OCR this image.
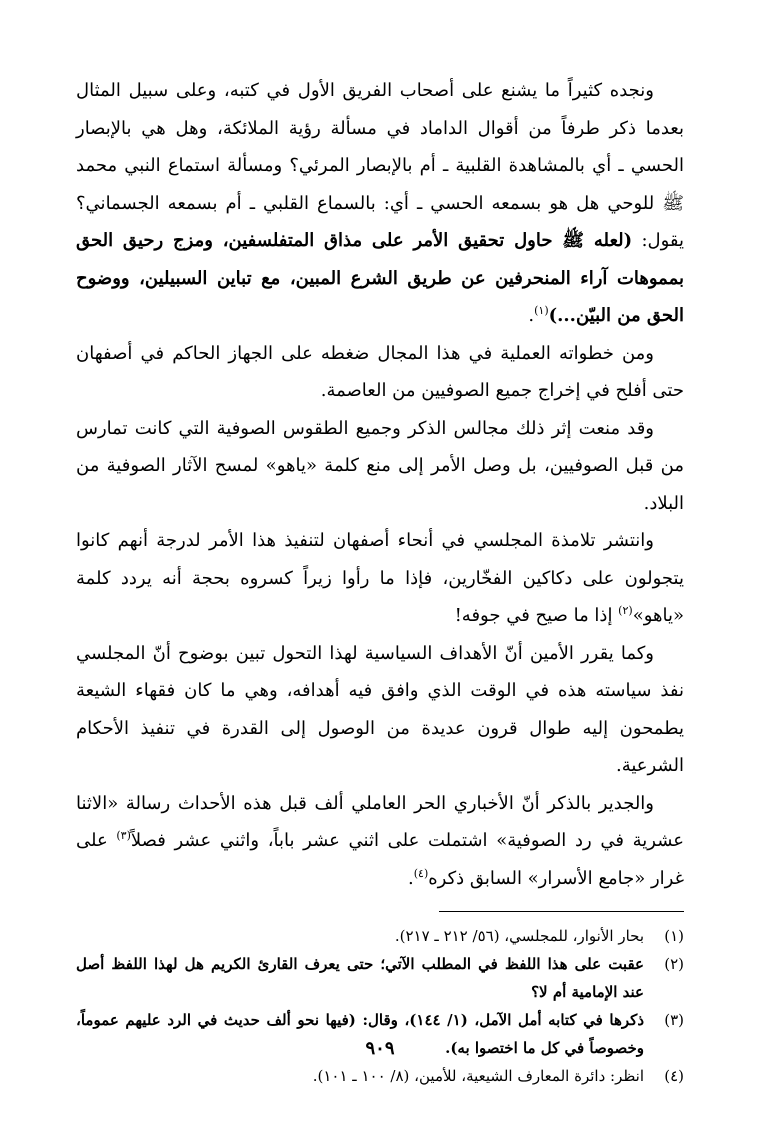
ونجده كثيراً ما يشنع على أصحاب الفريق الأول في كتبه، وعلى سبيل المثال بعدما ذكر طرفاً من أقوال الداماد في مسألة رؤية الملائكة، وهل هي بالإبصار الحسي ـ أي بالمشاهدة القلبية ـ أم بالإبصار المرئي؟ ومسألة استماع النبي محمد ﷺ للوحي هل هو بسمعه الحسي ـ أي: بالسماع القلبي ـ أم بسمعه الجسماني؟ يقول: (لعله ﷺ حاول تحقيق الأمر على مذاق المتفلسفين، ومزج رحيق الحق بمموهات آراء المنحرفين عن طريق الشرع المبين، مع تباين السبيلين، ووضوح الحق من البيّن...)$^{(١)}$.

ومن خطواته العملية في هذا المجال ضغطه على الجهاز الحاكم في أصفهان حتى أفلح في إخراج جميع الصوفيين من العاصمة.

وقد منعت إثر ذلك مجالس الذكر وجميع الطقوس الصوفية التي كانت تمارس من قبل الصوفيين، بل وصل الأمر إلى منع كلمة «ياهو» لمسح الآثار الصوفية من البلاد.

وانتشر تلامذة المجلسي في أنحاء أصفهان لتنفيذ هذا الأمر لدرجة أنهم كانوا يتجولون على دكاكين الفخّارين، فإذا ما رأوا زيراً كسروه بحجة أنه يردد كلمة «ياهو»$^{(٢)}$ إذا ما صيح في جوفه!

وكما يقرر الأمين أنّ الأهداف السياسية لهذا التحول تبين بوضوح أنّ المجلسي نفذ سياسته هذه في الوقت الذي وافق فيه أهدافه، وهي ما كان فقهاء الشيعة يطمحون إليه طوال قرون عديدة من الوصول إلى القدرة في تنفيذ الأحكام الشرعية.

والجدير بالذكر أنّ الأخباري الحر العاملي ألف قبل هذه الأحداث رسالة «الاثنا عشرية في رد الصوفية» اشتملت على اثني عشر باباً، واثني عشر فصلاً$^{(٣)}$ على غرار «جامع الأسرار» السابق ذكره$^{(٤)}$.

(١)
بحار الأنوار، للمجلسي، (٥٦/ ٢١٢ ـ ٢١٧).
(٢)
عقبت على هذا اللفظ في المطلب الآتي؛ حتى يعرف القارئ الكريم هل لهذا اللفظ أصل عند الإمامية أم لا؟
(٣)
ذكرها في كتابه أمل الآمل، (١/ ١٤٤)، وقال: (فيها نحو ألف حديث في الرد عليهم عموماً، وخصوصاً في كل ما اختصوا به).
(٤)
انظر: دائرة المعارف الشيعية، للأمين، (٨/ ١٠٠ ـ ١٠١).
٩٠٩
